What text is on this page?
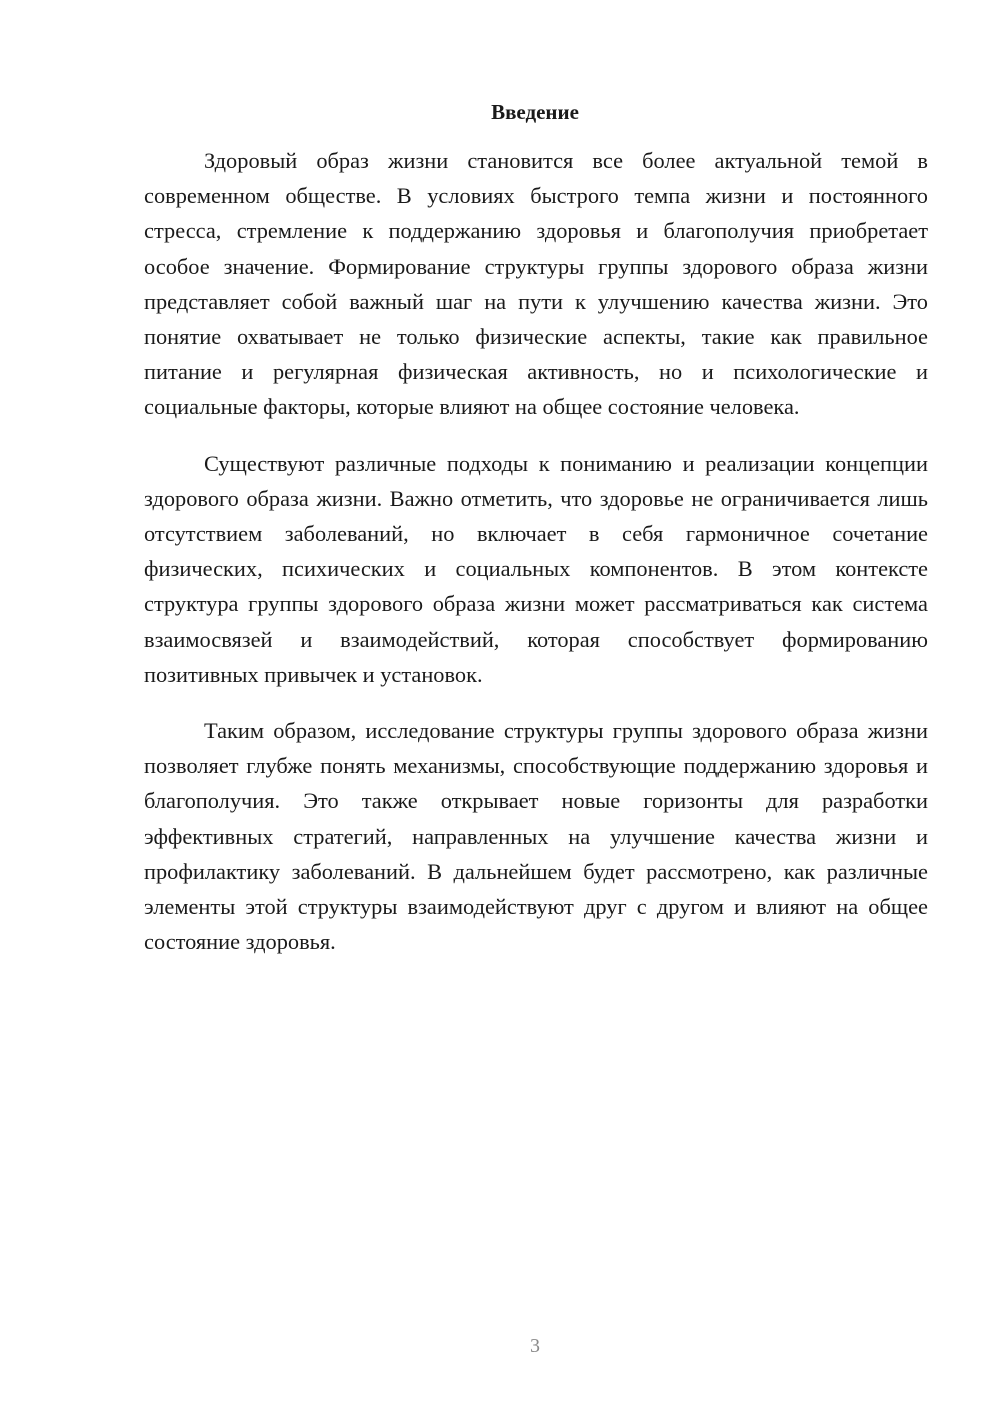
Введение

Здоровый образ жизни становится все более актуальной темой в современном обществе. В условиях быстрого темпа жизни и постоянного стресса, стремление к поддержанию здоровья и благополучия приобретает особое значение. Формирование структуры группы здорового образа жизни представляет собой важный шаг на пути к улучшению качества жизни. Это понятие охватывает не только физические аспекты, такие как правильное питание и регулярная физическая активность, но и психологические и социальные факторы, которые влияют на общее состояние человека.

Существуют различные подходы к пониманию и реализации концепции здорового образа жизни. Важно отметить, что здоровье не ограничивается лишь отсутствием заболеваний, но включает в себя гармоничное сочетание физических, психических и социальных компонентов. В этом контексте структура группы здорового образа жизни может рассматриваться как система взаимосвязей и взаимодействий, которая способствует формированию позитивных привычек и установок.

Таким образом, исследование структуры группы здорового образа жизни позволяет глубже понять механизмы, способствующие поддержанию здоровья и благополучия. Это также открывает новые горизонты для разработки эффективных стратегий, направленных на улучшение качества жизни и профилактику заболеваний. В дальнейшем будет рассмотрено, как различные элементы этой структуры взаимодействуют друг с другом и влияют на общее состояние здоровья.

3
